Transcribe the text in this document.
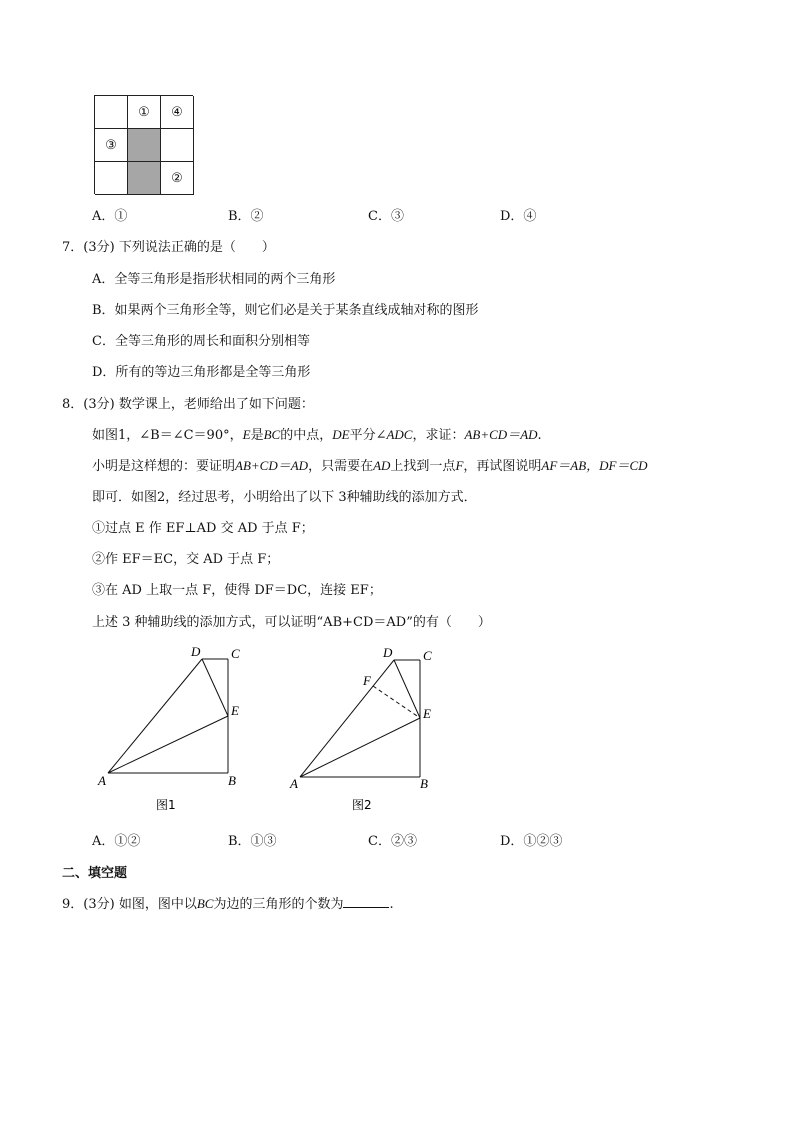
①	④
③
②
A．①	B．②	C．③	D．④
7．(3分) 下列说法正确的是（　　）
A．全等三角形是指形状相同的两个三角形
B．如果两个三角形全等，则它们必是关于某条直线成轴对称的图形
C．全等三角形的周长和面积分别相等
D．所有的等边三角形都是全等三角形
8．(3分) 数学课上，老师给出了如下问题：
如图1，∠B＝∠C＝90°，E是BC的中点，DE平分∠ADC，求证：AB+CD＝AD.
小明是这样想的：要证明AB+CD＝AD，只需要在AD上找到一点F，再试图说明AF＝AB，DF＝CD
即可．如图2，经过思考，小明给出了以下 3种辅助线的添加方式．
①过点 E 作 EF⊥AD 交 AD 于点 F；
②作 EF＝EC，交 AD 于点 F；
③在 AD 上取一点 F，使得 DF＝DC，连接 EF；
上述 3 种辅助线的添加方式，可以证明“AB+CD＝AD”的有（　　）
D C
E
A	B
图1
D C
F
E
A	B
图2
A．①②	B．①③	C．②③	D．①②③
二、填空题
9．(3分) 如图，图中以BC为边的三角形的个数为	.
